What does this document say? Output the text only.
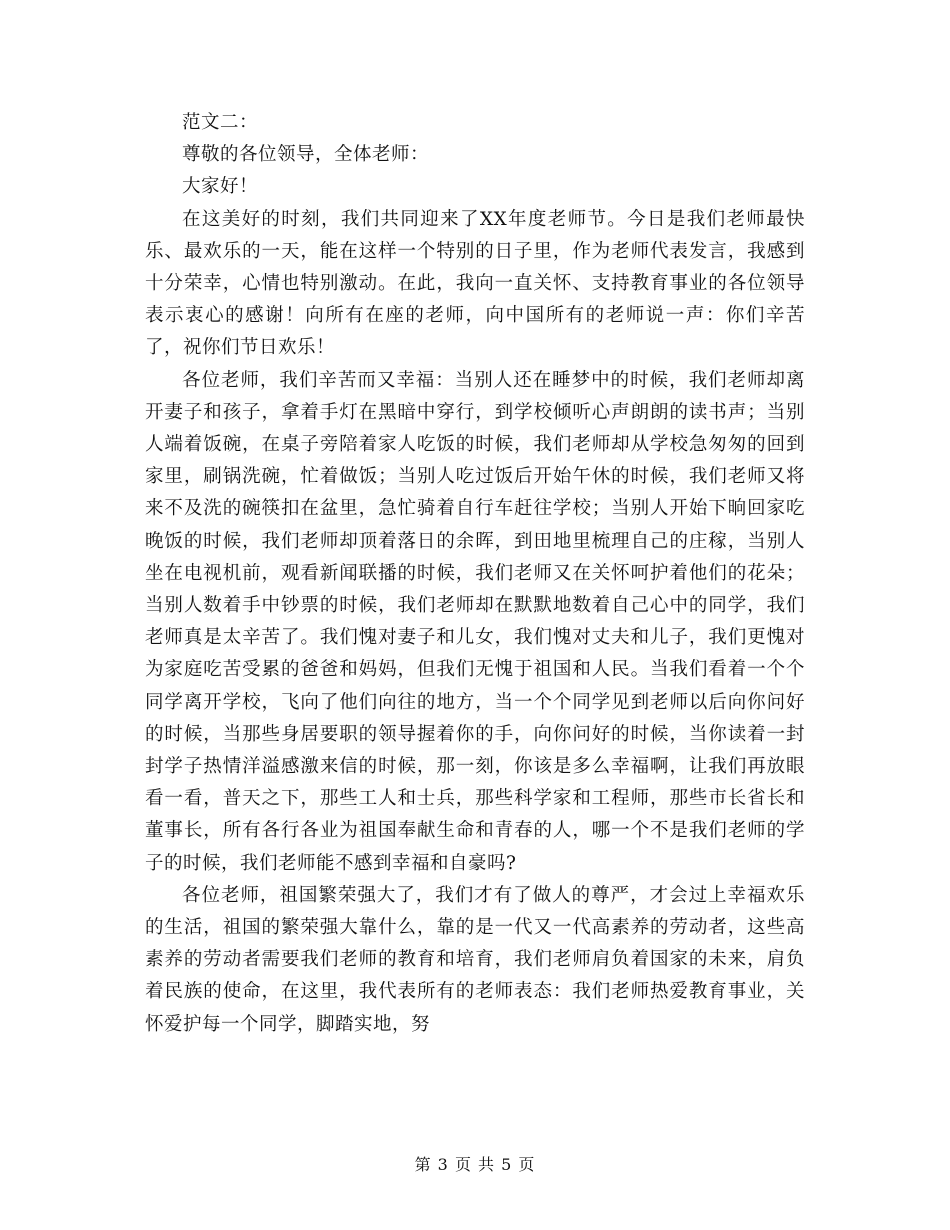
范文二：

尊敬的各位领导，全体老师：

大家好！

在这美好的时刻，我们共同迎来了XX年度老师节。今日是我们老师最快乐、最欢乐的一天，能在这样一个特别的日子里，作为老师代表发言，我感到十分荣幸，心情也特别激动。在此，我向一直关怀、支持教育事业的各位领导表示衷心的感谢！向所有在座的老师，向中国所有的老师说一声：你们辛苦了，祝你们节日欢乐！

各位老师，我们辛苦而又幸福：当别人还在睡梦中的时候，我们老师却离开妻子和孩子，拿着手灯在黑暗中穿行，到学校倾听心声朗朗的读书声；当别人端着饭碗，在桌子旁陪着家人吃饭的时候，我们老师却从学校急匆匆的回到家里，刷锅洗碗，忙着做饭；当别人吃过饭后开始午休的时候，我们老师又将来不及洗的碗筷扣在盆里，急忙骑着自行车赶往学校；当别人开始下晌回家吃晚饭的时候，我们老师却顶着落日的余晖，到田地里梳理自己的庄稼，当别人坐在电视机前，观看新闻联播的时候，我们老师又在关怀呵护着他们的花朵；当别人数着手中钞票的时候，我们老师却在默默地数着自己心中的同学，我们老师真是太辛苦了。我们愧对妻子和儿女，我们愧对丈夫和儿子，我们更愧对为家庭吃苦受累的爸爸和妈妈，但我们无愧于祖国和人民。当我们看着一个个同学离开学校，飞向了他们向往的地方，当一个个同学见到老师以后向你问好的时候，当那些身居要职的领导握着你的手，向你问好的时候，当你读着一封封学子热情洋溢感激来信的时候，那一刻，你该是多么幸福啊，让我们再放眼看一看，普天之下，那些工人和士兵，那些科学家和工程师，那些市长省长和董事长，所有各行各业为祖国奉献生命和青春的人，哪一个不是我们老师的学子的时候，我们老师能不感到幸福和自豪吗?

各位老师，祖国繁荣强大了，我们才有了做人的尊严，才会过上幸福欢乐的生活，祖国的繁荣强大靠什么，靠的是一代又一代高素养的劳动者，这些高素养的劳动者需要我们老师的教育和培育，我们老师肩负着国家的未来，肩负着民族的使命，在这里，我代表所有的老师表态：我们老师热爱教育事业，关怀爱护每一个同学，脚踏实地，努

第 3 页 共 5 页
